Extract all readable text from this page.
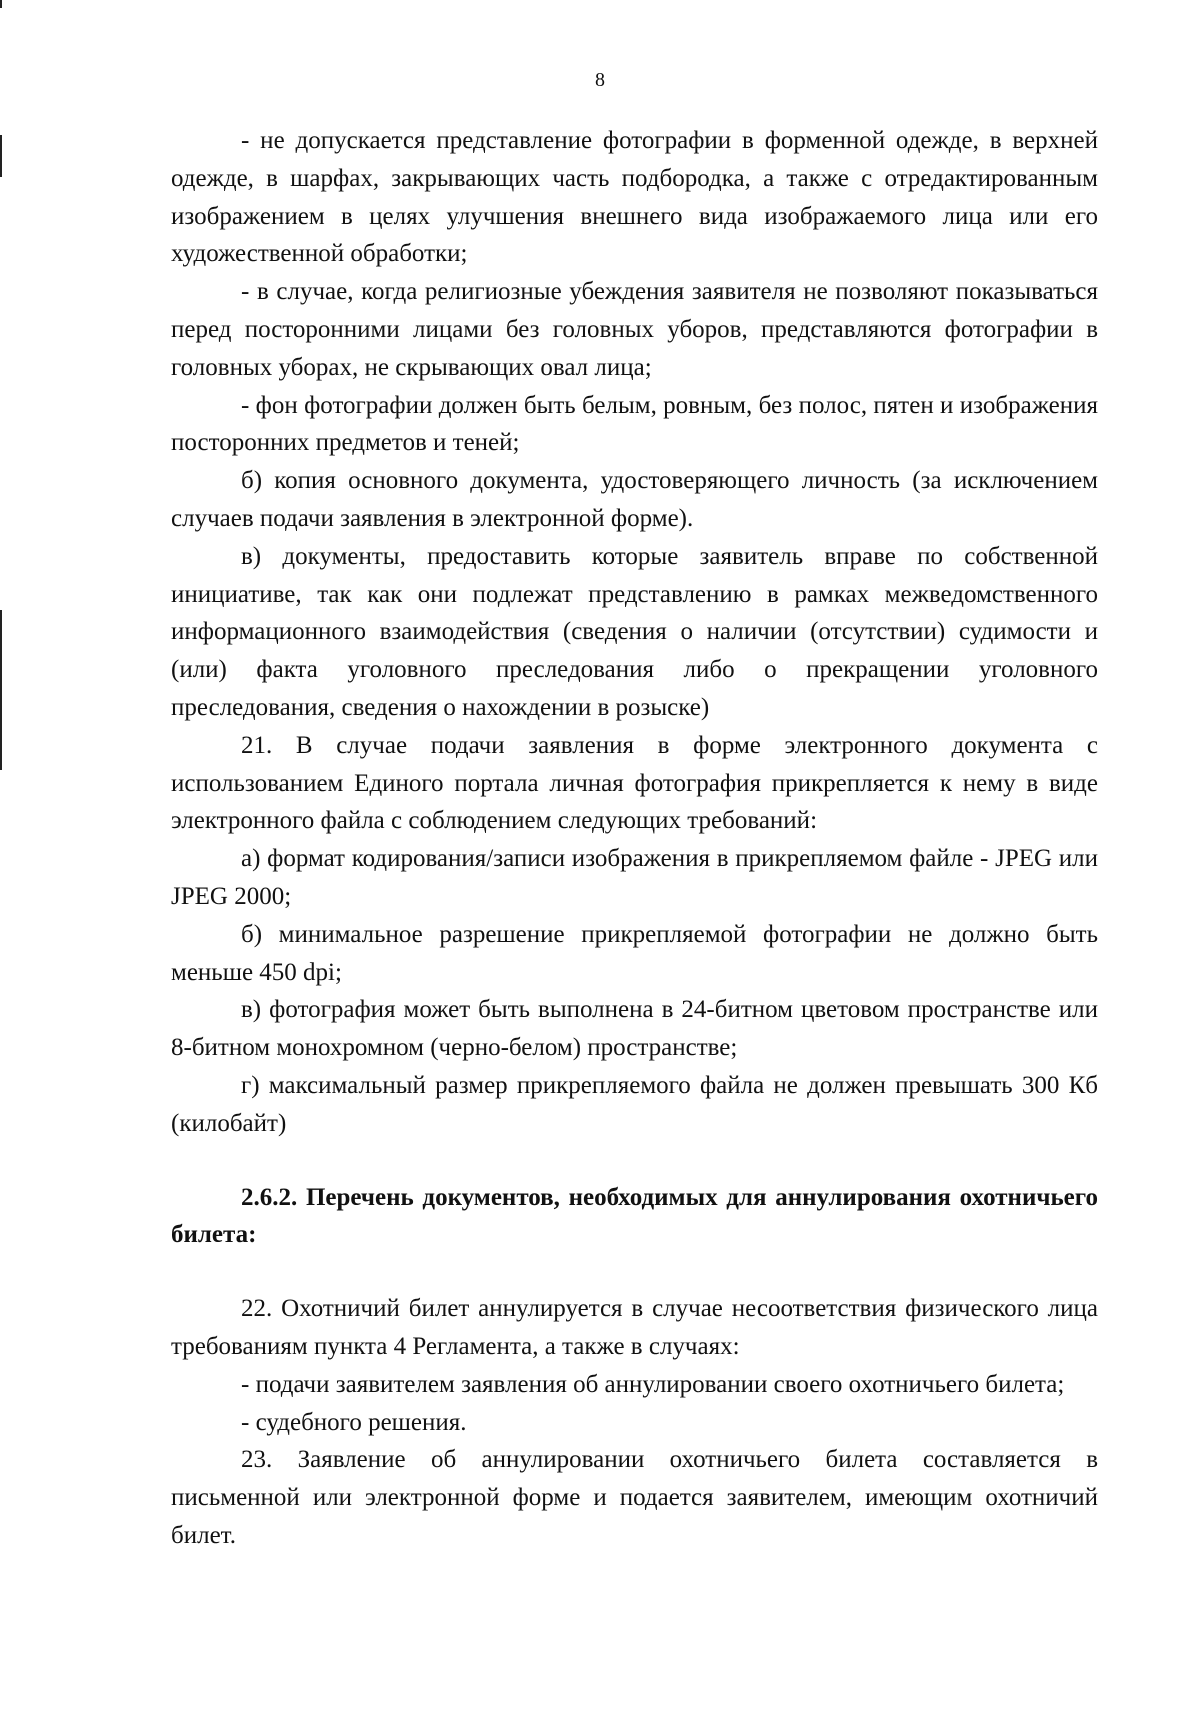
8

- не допускается представление фотографии в форменной одежде, в верхней одежде, в шарфах, закрывающих часть подбородка, а также с отредактированным изображением в целях улучшения внешнего вида изображаемого лица или его художественной обработки;

- в случае, когда религиозные убеждения заявителя не позволяют показываться перед посторонними лицами без головных уборов, представляются фотографии в головных уборах, не скрывающих овал лица;

- фон фотографии должен быть белым, ровным, без полос, пятен и изображения посторонних предметов и теней;

б) копия основного документа, удостоверяющего личность (за исключением случаев подачи заявления в электронной форме).

в) документы, предоставить которые заявитель вправе по собственной инициативе, так как они подлежат представлению в рамках межведомственного информационного взаимодействия (сведения о наличии (отсутствии) судимости и (или) факта уголовного преследования либо о прекращении уголовного преследования, сведения о нахождении в розыске)

21. В случае подачи заявления в форме электронного документа с использованием Единого портала личная фотография прикрепляется к нему в виде электронного файла с соблюдением следующих требований:

а) формат кодирования/записи изображения в прикрепляемом файле - JPEG или JPEG 2000;

б) минимальное разрешение прикрепляемой фотографии не должно быть меньше 450 dpi;

в) фотография может быть выполнена в 24-битном цветовом пространстве или 8-битном монохромном (черно-белом) пространстве;

г) максимальный размер прикрепляемого файла не должен превышать 300 Кб (килобайт)

2.6.2. Перечень документов, необходимых для аннулирования охотничьего билета:

22. Охотничий билет аннулируется в случае несоответствия физического лица требованиям пункта 4 Регламента, а также в случаях:

- подачи заявителем заявления об аннулировании своего охотничьего билета;

- судебного решения.

23. Заявление об аннулировании охотничьего билета составляется в письменной или электронной форме и подается заявителем, имеющим охотничий билет.
